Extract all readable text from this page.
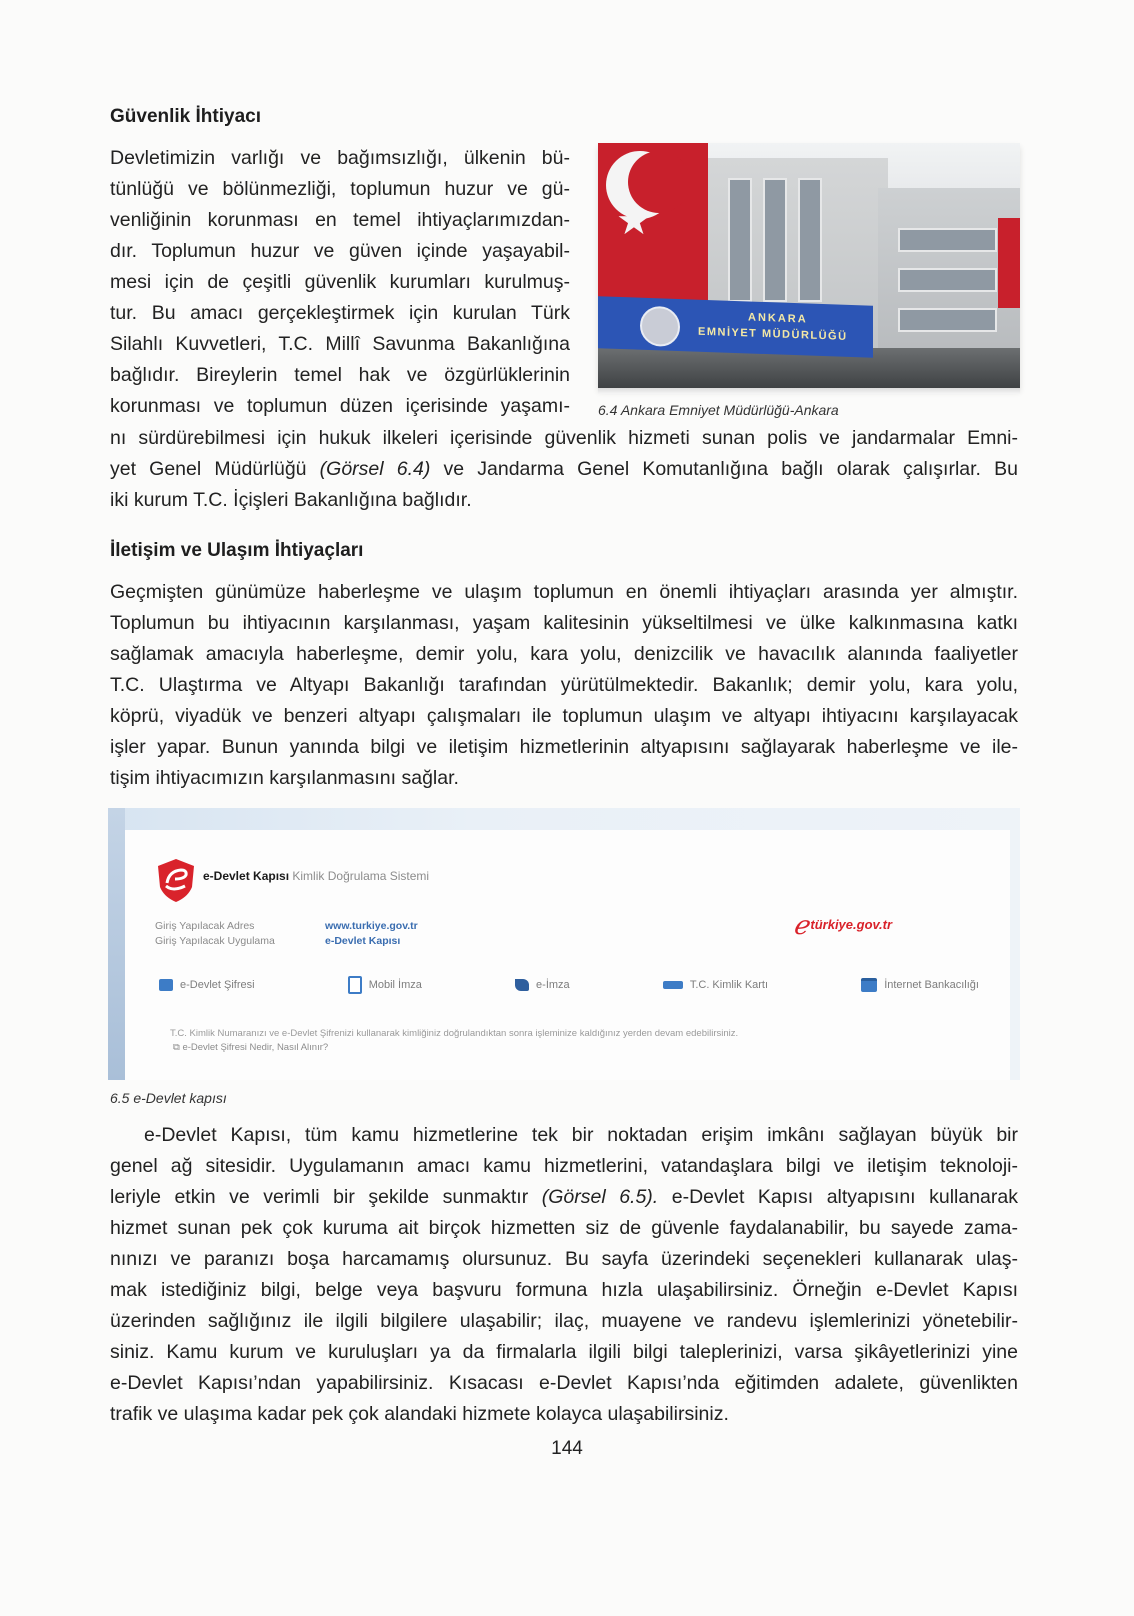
Güvenlik İhtiyacı
Devletimizin varlığı ve bağımsızlığı, ülkenin bü-
tünlüğü ve bölünmezliği, toplumun huzur ve gü-
venliğinin korunması en temel ihtiyaçlarımızdan-
dır. Toplumun huzur ve güven içinde yaşayabil-
mesi için de çeşitli güvenlik kurumları kurulmuş-
tur. Bu amacı gerçekleştirmek için kurulan Türk
Silahlı Kuvvetleri, T.C. Millî Savunma Bakanlığına
bağlıdır. Bireylerin temel hak ve özgürlüklerinin
korunması ve toplumun düzen içerisinde yaşamı-
★
ANKARA
EMNİYET MÜDÜRLÜĞÜ
6.4 Ankara Emniyet Müdürlüğü-Ankara
nı sürdürebilmesi için hukuk ilkeleri içerisinde güvenlik hizmeti sunan polis ve jandarmalar Emni-
yet Genel Müdürlüğü (Görsel 6.4) ve Jandarma Genel Komutanlığına bağlı olarak çalışırlar. Bu
iki kurum T.C. İçişleri Bakanlığına bağlıdır.
İletişim ve Ulaşım İhtiyaçları
Geçmişten günümüze haberleşme ve ulaşım toplumun en önemli ihtiyaçları arasında yer almıştır.
Toplumun bu ihtiyacının karşılanması, yaşam kalitesinin yükseltilmesi ve ülke kalkınmasına katkı
sağlamak amacıyla haberleşme, demir yolu, kara yolu, denizcilik ve havacılık alanında faaliyetler
T.C. Ulaştırma ve Altyapı Bakanlığı tarafından yürütülmektedir. Bakanlık; demir yolu, kara yolu,
köprü, viyadük ve benzeri altyapı çalışmaları ile toplumun ulaşım ve altyapı ihtiyacını karşılayacak
işler yapar. Bunun yanında bilgi ve iletişim hizmetlerinin altyapısını sağlayarak haberleşme ve ile-
tişim ihtiyacımızın karşılanmasını sağlar.
e-Devlet Kapısı Kimlik Doğrulama Sistemi
Giriş Yapılacak Adres	www.turkiye.gov.tr
Giriş Yapılacak Uygulama	e-Devlet Kapısı
ℯtürkiye.gov.tr
e-Devlet Şifresi	Mobil İmza	e-İmza	T.C. Kimlik Kartı	İnternet Bankacılığı
T.C. Kimlik Numaranızı ve e-Devlet Şifrenizi kullanarak kimliğiniz doğrulandıktan sonra işleminize kaldığınız yerden devam edebilirsiniz.
⧉ e-Devlet Şifresi Nedir, Nasıl Alınır?
6.5 e-Devlet kapısı
e-Devlet Kapısı, tüm kamu hizmetlerine tek bir noktadan erişim imkânı sağlayan büyük bir
genel ağ sitesidir. Uygulamanın amacı kamu hizmetlerini, vatandaşlara bilgi ve iletişim teknoloji-
leriyle etkin ve verimli bir şekilde sunmaktır (Görsel 6.5). e-Devlet Kapısı altyapısını kullanarak
hizmet sunan pek çok kuruma ait birçok hizmetten siz de güvenle faydalanabilir, bu sayede zama-
nınızı ve paranızı boşa harcamamış olursunuz. Bu sayfa üzerindeki seçenekleri kullanarak ulaş-
mak istediğiniz bilgi, belge veya başvuru formuna hızla ulaşabilirsiniz. Örneğin e-Devlet Kapısı
üzerinden sağlığınız ile ilgili bilgilere ulaşabilir; ilaç, muayene ve randevu işlemlerinizi yönetebilir-
siniz. Kamu kurum ve kuruluşları ya da firmalarla ilgili bilgi taleplerinizi, varsa şikâyetlerinizi yine
e-Devlet Kapısı’ndan yapabilirsiniz. Kısacası e-Devlet Kapısı’nda eğitimden adalete, güvenlikten
trafik ve ulaşıma kadar pek çok alandaki hizmete kolayca ulaşabilirsiniz.
144
